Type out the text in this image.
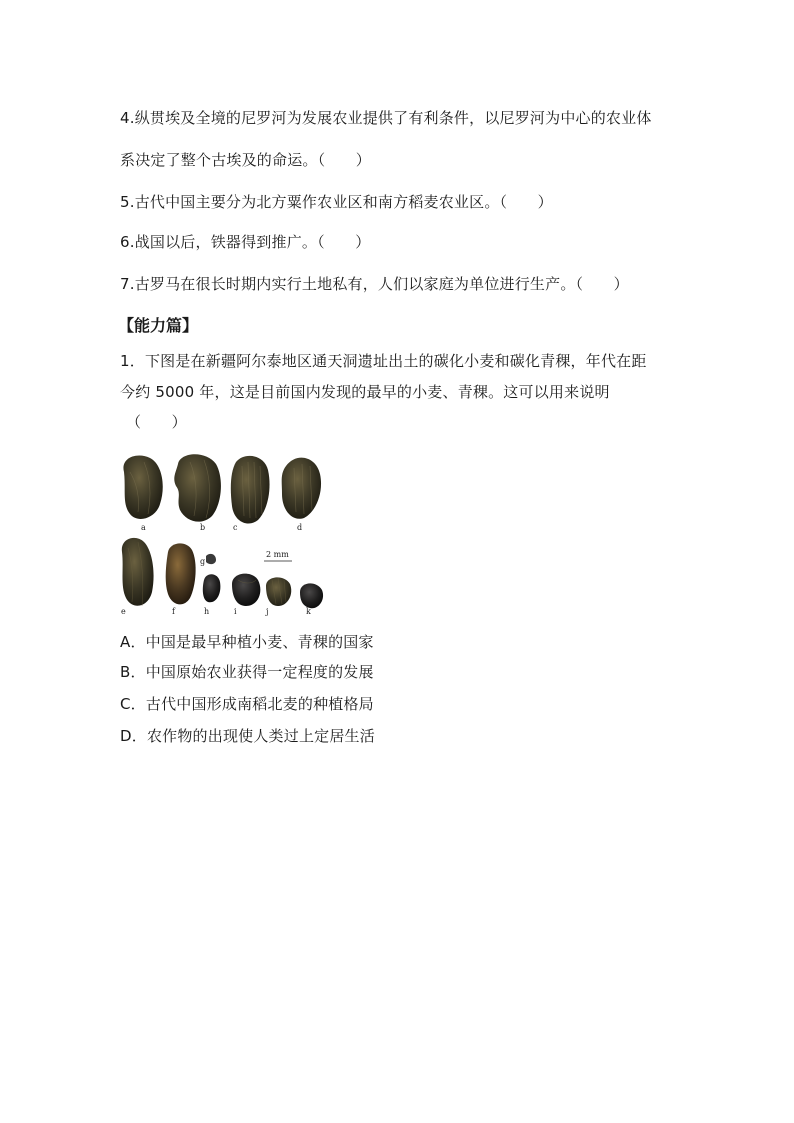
4.纵贯埃及全境的尼罗河为发展农业提供了有利条件，以尼罗河为中心的农业体
系决定了整个古埃及的命运。（　　）
5.古代中国主要分为北方粟作农业区和南方稻麦农业区。（　　）
6.战国以后，铁器得到推广。（　　）
7.古罗马在很长时期内实行土地私有，人们以家庭为单位进行生产。（　　）
【能力篇】
1．下图是在新疆阿尔泰地区通天洞遗址出土的碳化小麦和碳化青稞，年代在距
今约 5000 年，这是目前国内发现的最早的小麦、青稞。这可以用来说明
（　　）
a	b	c	d
2 mm
g
e	f	h	i	j	k
A．中国是最早种植小麦、青稞的国家
B．中国原始农业获得一定程度的发展
C．古代中国形成南稻北麦的种植格局
D．农作物的出现使人类过上定居生活
